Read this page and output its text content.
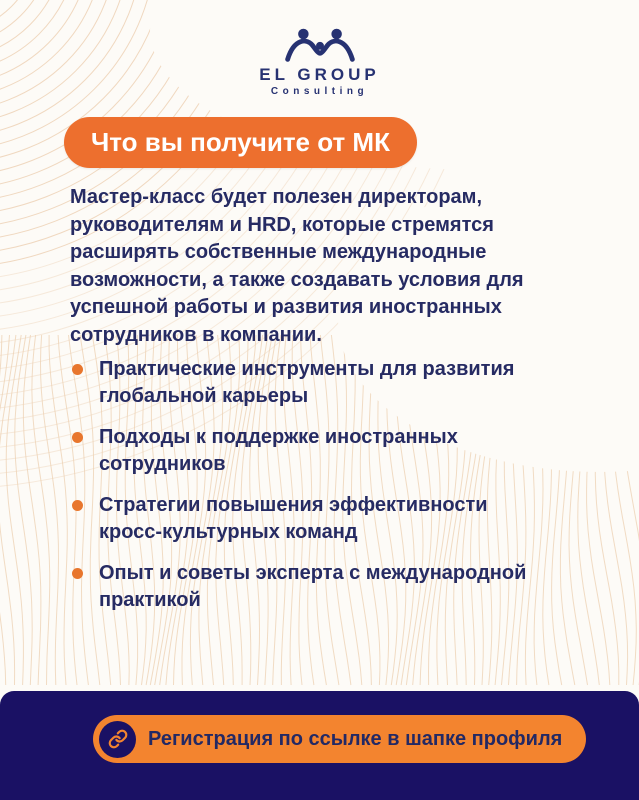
EL GROUP
Consulting
Что вы получите от МК
Мастер-класс будет полезен директорам, руководителям и HRD, которые стремятся расширять собственные международные возможности, а также создавать условия для успешной работы и развития иностранных сотрудников в компании.
Практические инструменты для развития глобальной карьеры
Подходы к поддержке иностранных сотрудников
Стратегии повышения эффективности кросс-культурных команд
Опыт и советы эксперта с международной практикой
Регистрация по ссылке в шапке профиля
